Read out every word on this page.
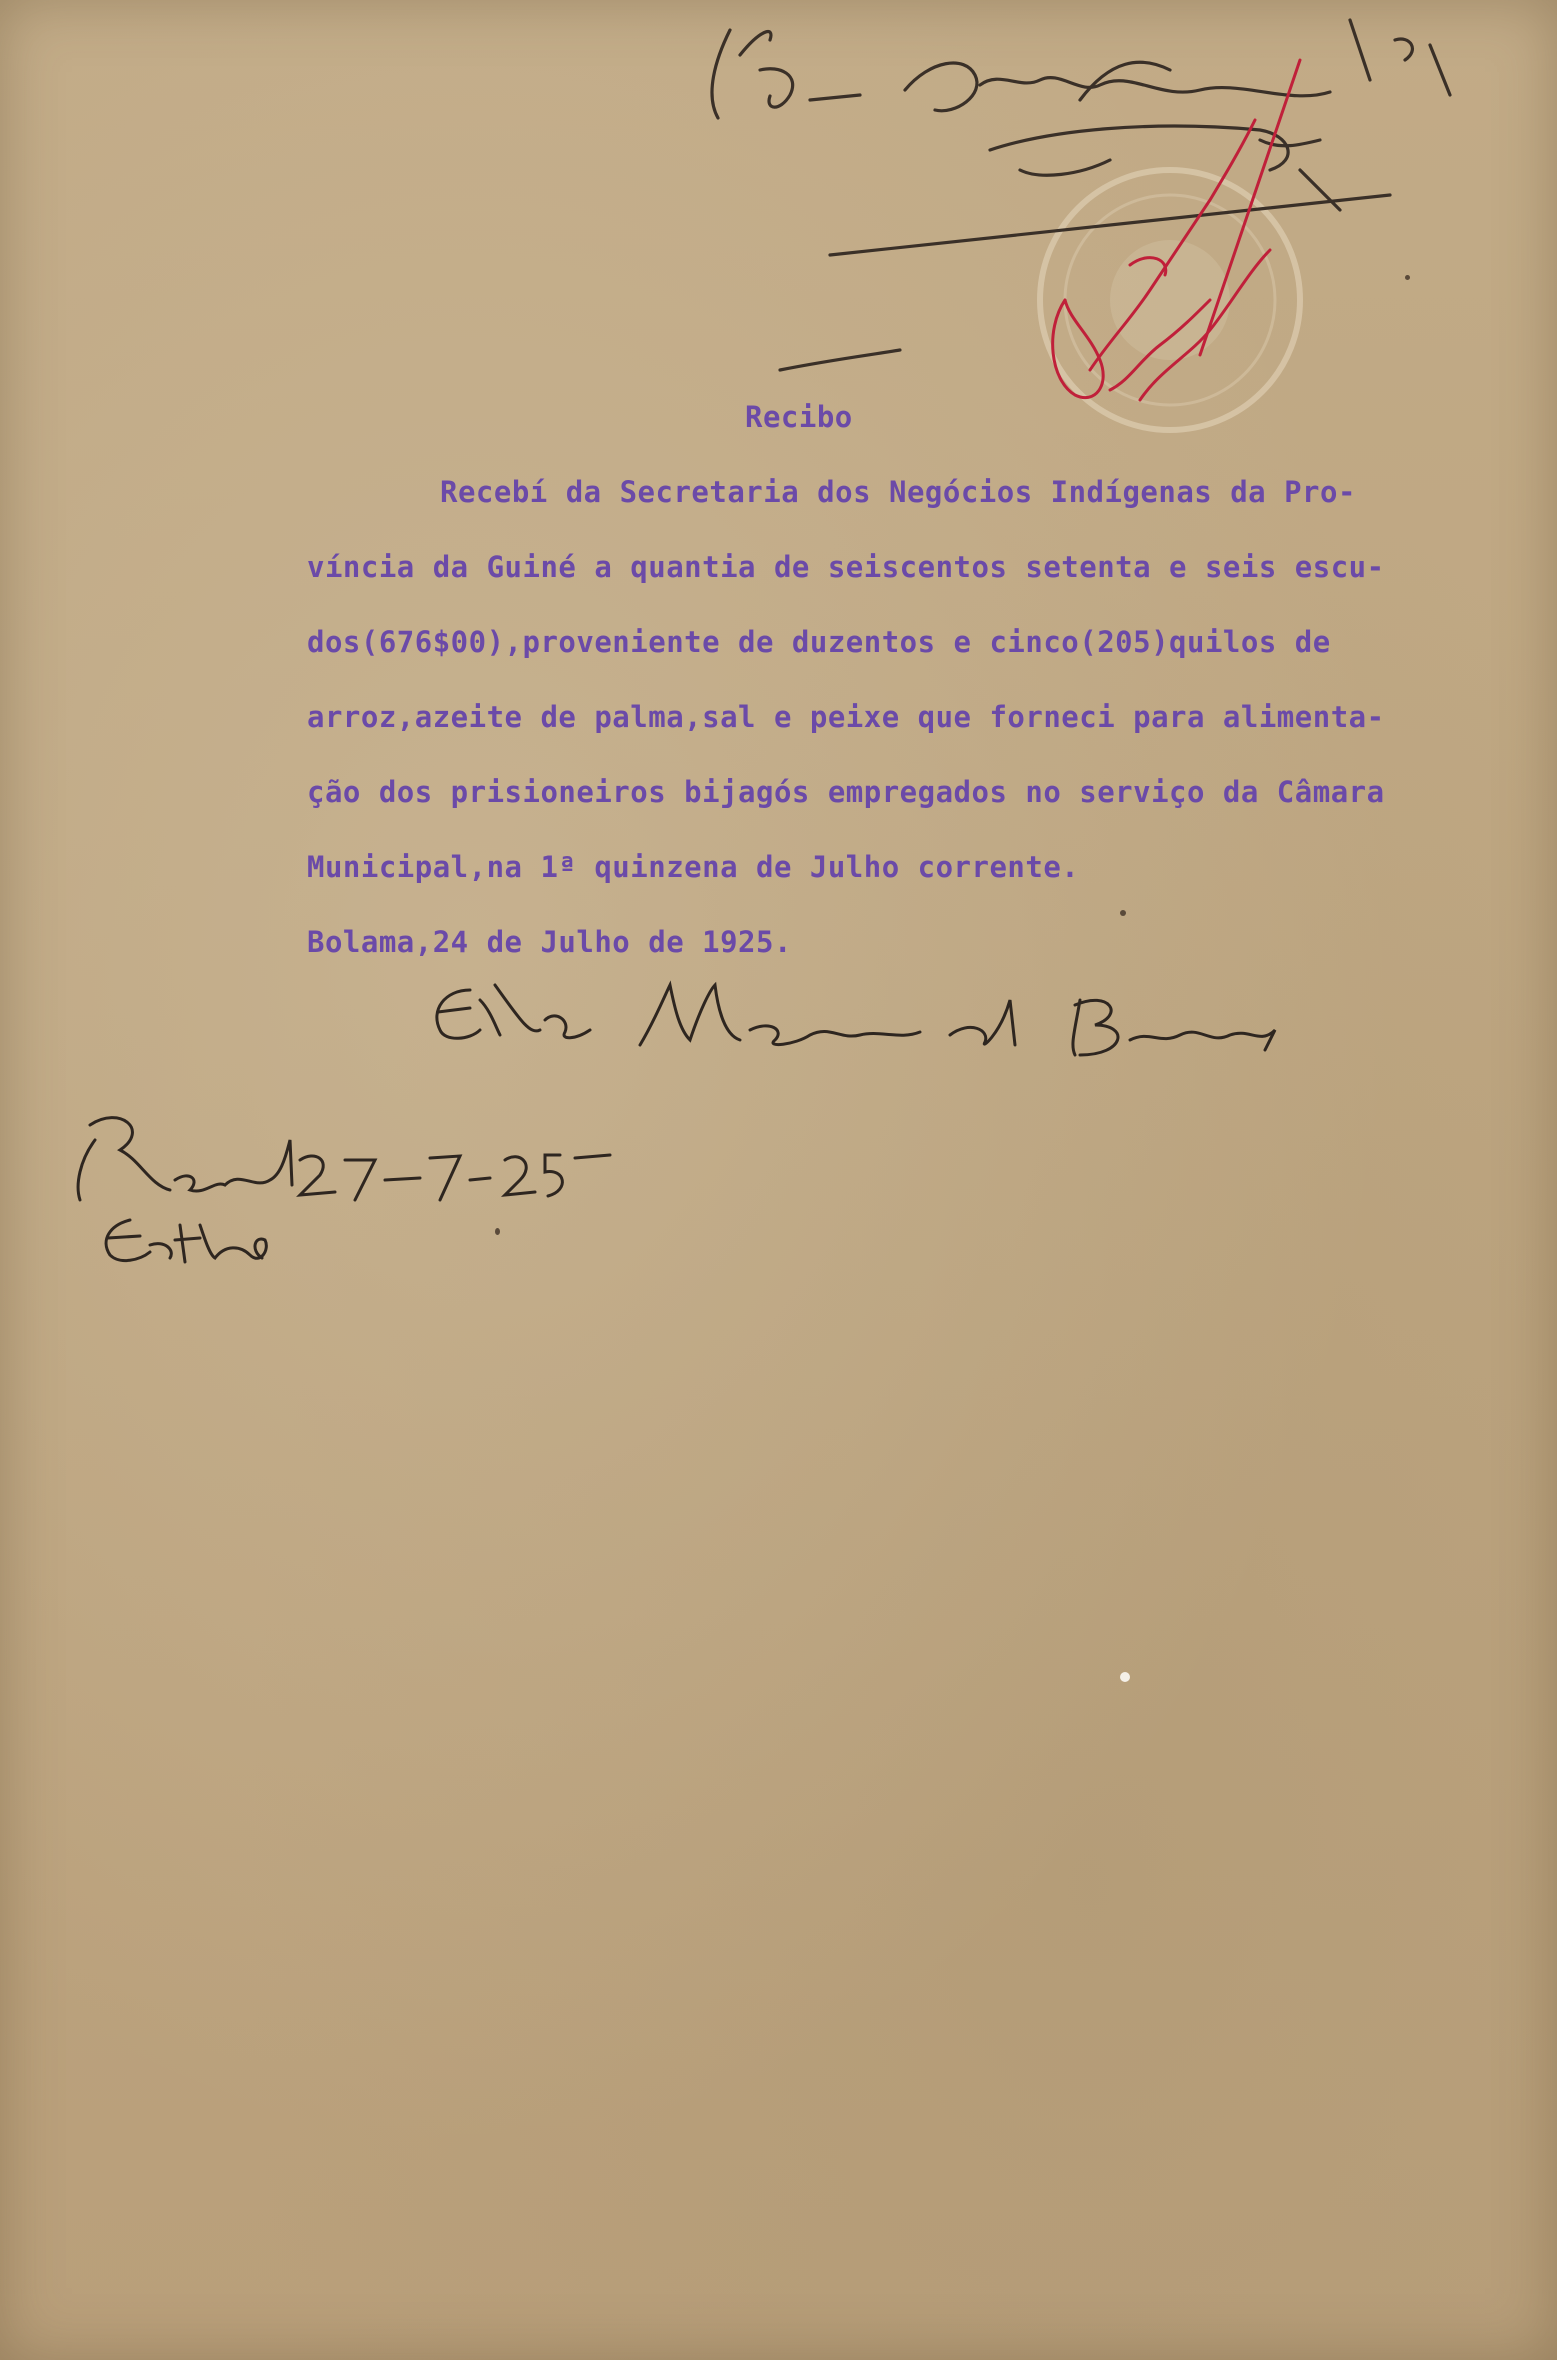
Recibo
Recebí da Secretaria dos Negócios Indígenas da Pro-
víncia da Guiné a quantia de seiscentos setenta e seis escu-
dos(676$00),proveniente de duzentos e cinco(205)quilos de
arroz,azeite de palma,sal e peixe que forneci para alimenta-
ção dos prisioneiros bijagós empregados no serviço da Câmara
Municipal,na 1ª quinzena de Julho corrente.
Bolama,24 de Julho de 1925.
